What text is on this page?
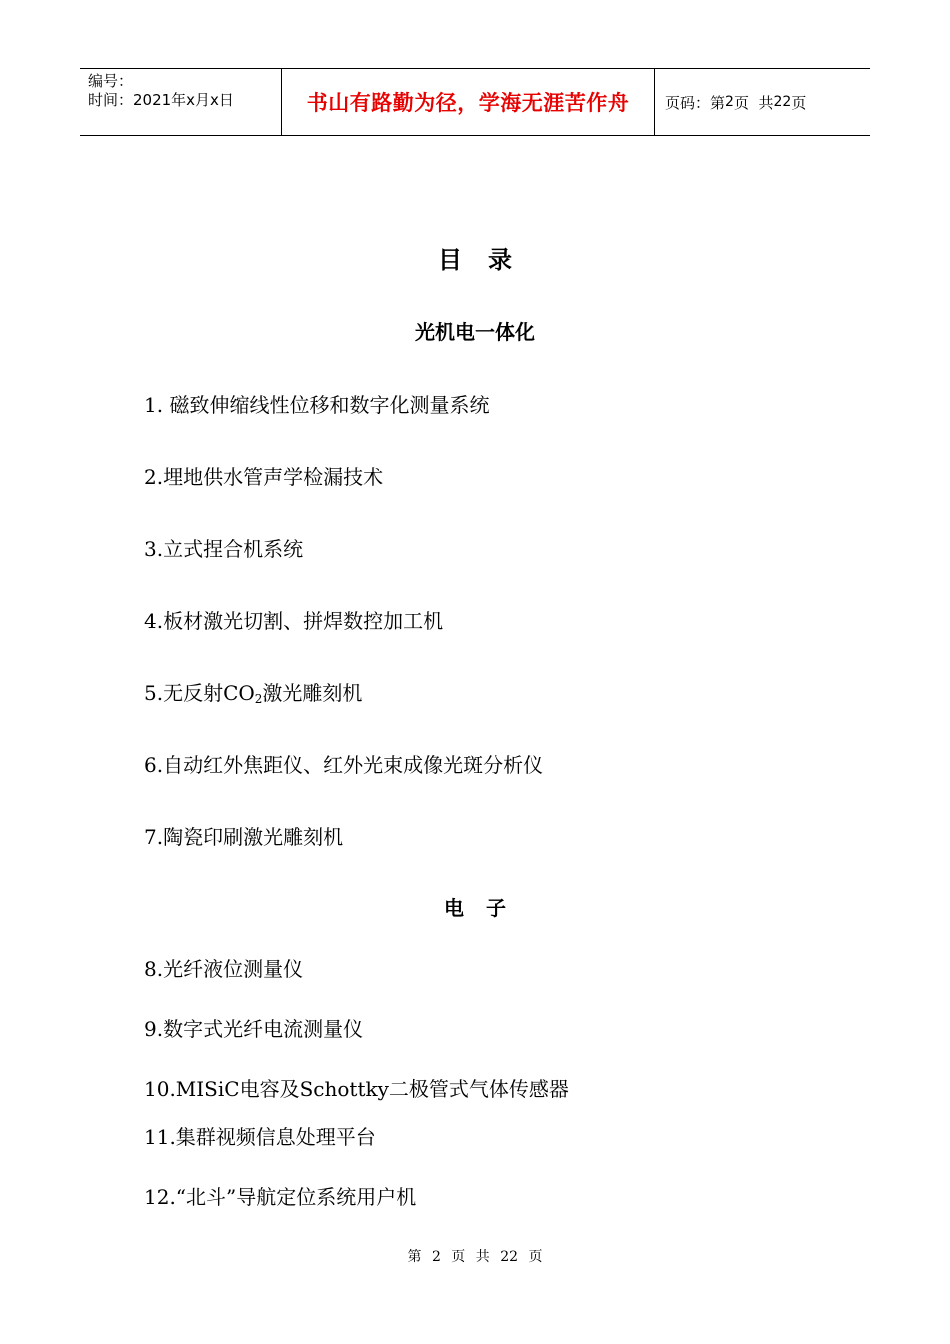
编号：
时间：2021年x月x日	书山有路勤为径，学海无涯苦作舟	页码：第 2 页  共 22 页
目录
光机电一体化
1. 磁致伸缩线性位移和数字化测量系统
2.埋地供水管声学检漏技术
3.立式捏合机系统
4.板材激光切割、拼焊数控加工机
5.无反射$CO_2$激光雕刻机
6.自动红外焦距仪、红外光束成像光斑分析仪
7.陶瓷印刷激光雕刻机
电子
8.光纤液位测量仪
9.数字式光纤电流测量仪
10.MISiC电容及Schottky二极管式气体传感器
11.集群视频信息处理平台
12.“北斗”导航定位系统用户机
第 2 页 共 22 页
